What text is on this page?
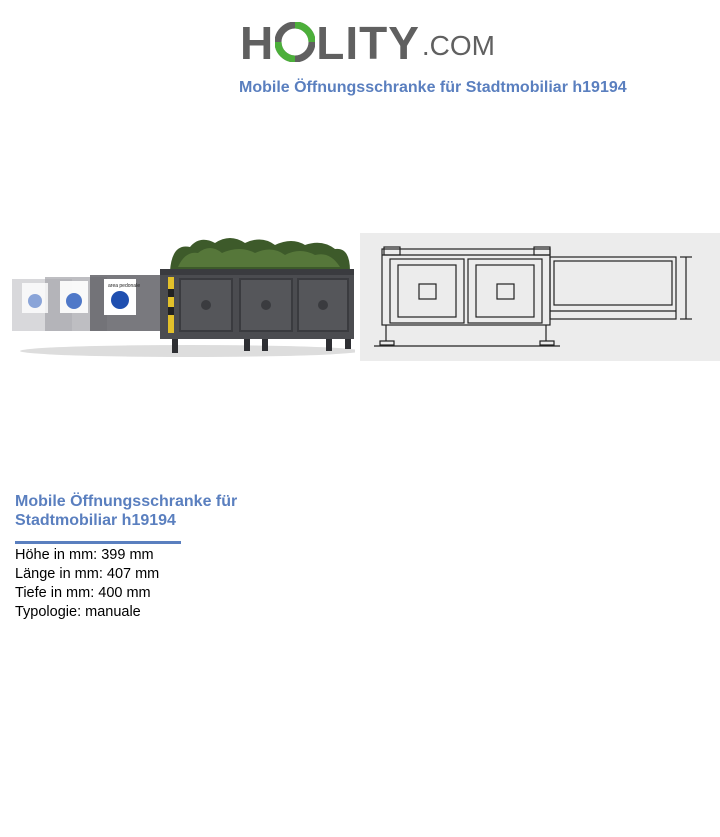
H LITY .COM
Mobile Öffnungsschranke für Stadtmobiliar h19194
area pedonale
Mobile Öffnungsschranke für Stadtmobiliar h19194
Höhe in mm: 399 mm
Länge in mm: 407 mm
Tiefe in mm: 400 mm
Typologie: manuale
